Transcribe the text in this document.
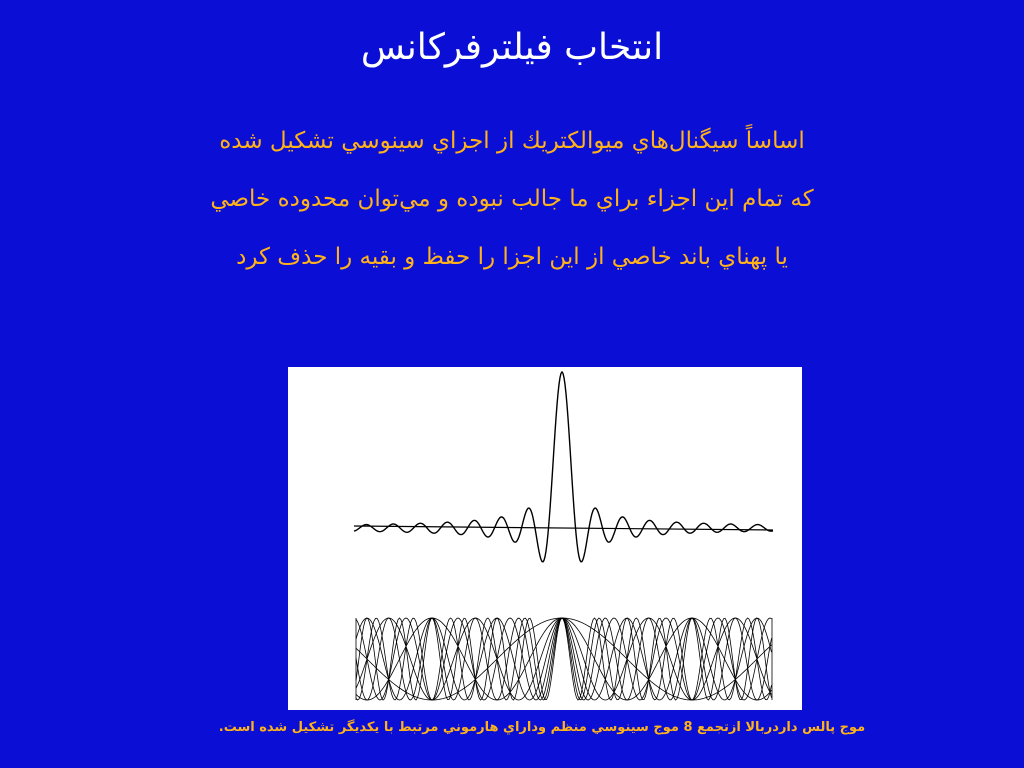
انتخاب فيلترفركانس
اساساً سيگنال‌هاي ميوالكتريك از اجزاي سينوسي تشكيل شده
كه تمام اين اجزاء براي ما جالب نبوده و مي‌توان محدوده خاصي
يا پهناي باند خاصي از اين اجزا را حفظ و بقيه را حذف كرد
موج پالس دارد‌ربالا ازتجمع 8 موج سينوسي منظم وداراي هارموني مرتبط با يكديگر تشكيل شده است.
